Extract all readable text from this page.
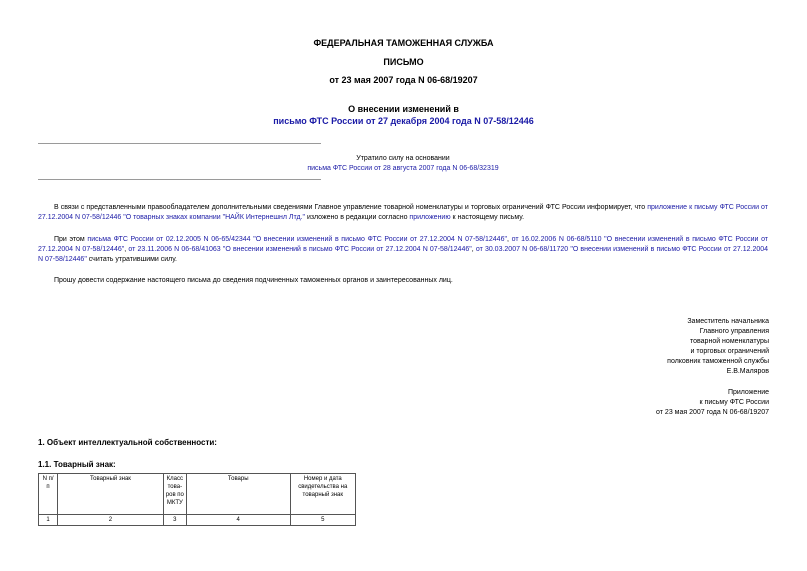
ФЕДЕРАЛЬНАЯ ТАМОЖЕННАЯ СЛУЖБА
ПИСЬМО
от 23 мая 2007 года N 06-68/19207
О внесении изменений в
письмо ФТС России от 27 декабря 2004 года N 07-58/12446
Утратило силу на основании
письма ФТС России от 28 августа 2007 года N 06-68/32319
В связи с представленными правообладателем дополнительными сведениями Главное управление товарной номенклатуры и торговых ограничений ФТС России информирует, что приложение к письму ФТС России от 27.12.2004 N 07-58/12446 "О товарных знаках компании "НАЙК Интернешнл Лтд." изложено в редакции согласно приложению к настоящему письму.
При этом письма ФТС России от 02.12.2005 N 06-65/42344 "О внесении изменений в письмо ФТС России от 27.12.2004 N 07-58/12446", от 16.02.2006 N 06-68/5110 "О внесении изменений в письмо ФТС России от 27.12.2004 N 07-58/12446", от 23.11.2006 N 06-68/41063 "О внесении изменений в письмо ФТС России от 27.12.2004 N 07-58/12446", от 30.03.2007 N 06-68/11720 "О внесении изменений в письмо ФТС России от 27.12.2004 N 07-58/12446" считать утратившими силу.
Прошу довести содержание настоящего письма до сведения подчиненных таможенных органов и заинтересованных лиц.
Заместитель начальника
Главного управления
товарной номенклатуры
и торговых ограничений
полковник таможенной службы
Е.В.Маляров
Приложение
к письму ФТС России
от 23 мая 2007 года N 06-68/19207
1. Объект интеллектуальной собственности:
1.1. Товарный знак:
N п/п	Товарный знак	Класс това- ров по МКТУ	Товары	Номер и дата свидетельства на товарный знак
1	2	3	4	5
